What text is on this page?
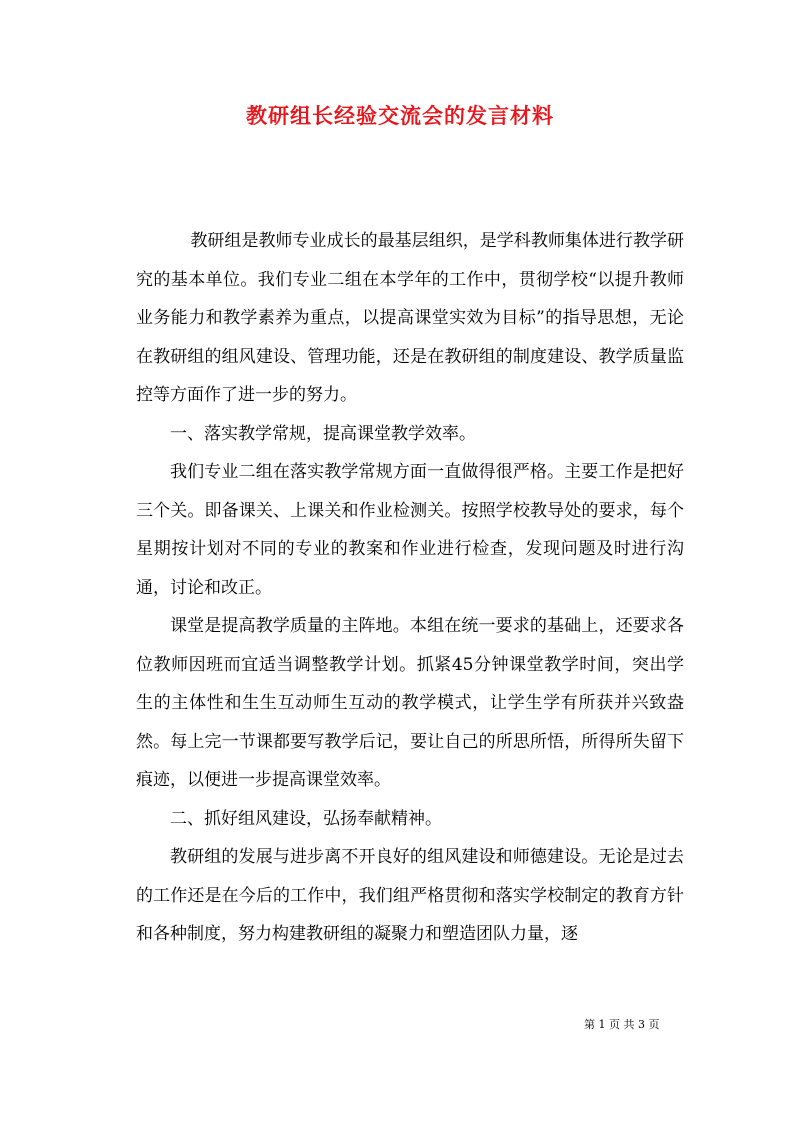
教研组长经验交流会的发言材料

教研组是教师专业成长的最基层组织，是学科教师集体进行教学研究的基本单位。我们专业二组在本学年的工作中，贯彻学校“以提升教师业务能力和教学素养为重点，以提高课堂实效为目标”的指导思想，无论在教研组的组风建设、管理功能，还是在教研组的制度建设、教学质量监控等方面作了进一步的努力。

一、落实教学常规，提高课堂教学效率。

我们专业二组在落实教学常规方面一直做得很严格。主要工作是把好三个关。即备课关、上课关和作业检测关。按照学校教导处的要求，每个星期按计划对不同的专业的教案和作业进行检查，发现问题及时进行沟通，讨论和改正。

课堂是提高教学质量的主阵地。本组在统一要求的基础上，还要求各位教师因班而宜适当调整教学计划。抓紧45分钟课堂教学时间，突出学生的主体性和生生互动师生互动的教学模式，让学生学有所获并兴致盎然。每上完一节课都要写教学后记，要让自己的所思所悟，所得所失留下痕迹，以便进一步提高课堂效率。

二、抓好组风建设，弘扬奉献精神。

教研组的发展与进步离不开良好的组风建设和师德建设。无论是过去的工作还是在今后的工作中，我们组严格贯彻和落实学校制定的教育方针和各种制度，努力构建教研组的凝聚力和塑造团队力量，逐

第 1 页 共 3 页
